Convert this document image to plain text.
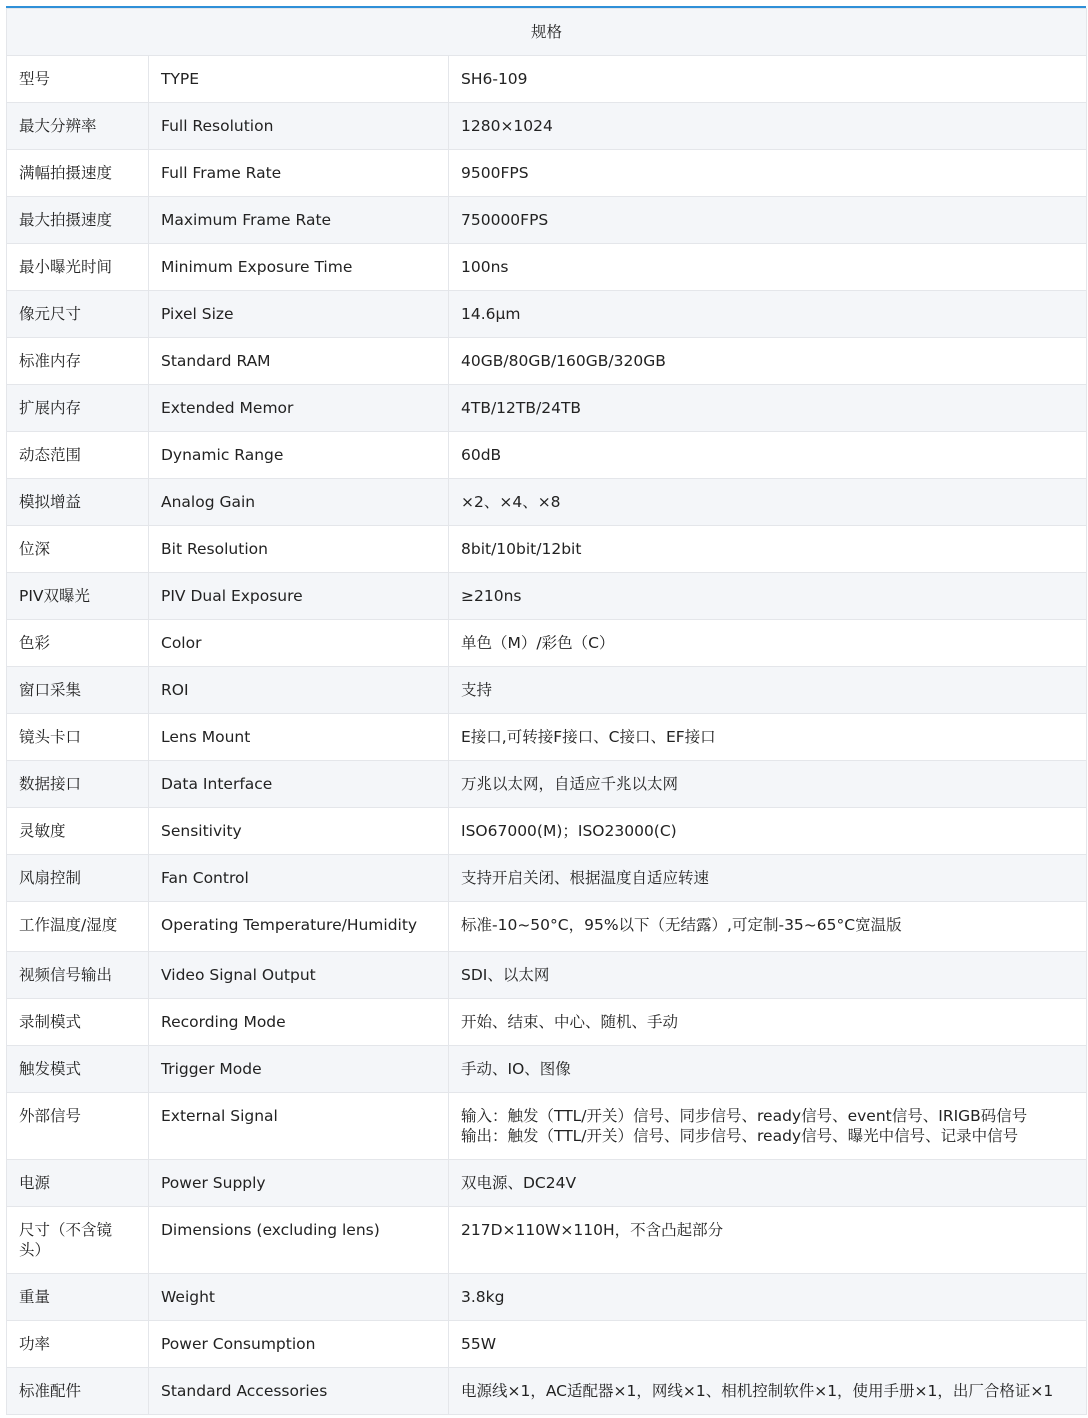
规格		
型号	TYPE	SH6-109
最大分辨率	Full Resolution	1280×1024
满幅拍摄速度	Full Frame Rate	9500FPS
最大拍摄速度	Maximum Frame Rate	750000FPS
最小曝光时间	Minimum Exposure Time	100ns
像元尺寸	Pixel Size	14.6μm
标准内存	Standard RAM	40GB/80GB/160GB/320GB
扩展内存	Extended Memor	4TB/12TB/24TB
动态范围	Dynamic Range	60dB
模拟增益	Analog Gain	×2、×4、×8
位深	Bit Resolution	8bit/10bit/12bit
PIV双曝光	PIV Dual Exposure	≥210ns
色彩	Color	单色（M）/彩色（C）
窗口采集	ROI	支持
镜头卡口	Lens Mount	E接口,可转接F接口、C接口、EF接口
数据接口	Data Interface	万兆以太网，自适应千兆以太网
灵敏度	Sensitivity	ISO67000(M)；ISO23000(C)
风扇控制	Fan Control	支持开启关闭、根据温度自适应转速
工作温度/湿度	Operating Temperature/Humidity	标准-10~50°C，95%以下（无结露）,可定制-35~65°C宽温版
视频信号输出	Video Signal Output	SDI、以太网
录制模式	Recording Mode	开始、结束、中心、随机、手动
触发模式	Trigger Mode	手动、IO、图像
外部信号	External Signal	输入：触发（TTL/开关）信号、同步信号、ready信号、event信号、IRIGB码信号
输出：触发（TTL/开关）信号、同步信号、ready信号、曝光中信号、记录中信号

电源	Power Supply	双电源、DC24V

尺寸（不含镜
头）	Dimensions (excluding lens)	217D×110W×110H，不含凸起部分
重量	Weight	3.8kg
功率	Power Consumption	55W
标准配件	Standard Accessories	电源线×1，AC适配器×1，网线×1、相机控制软件×1，使用手册×1，出厂合格证×1
